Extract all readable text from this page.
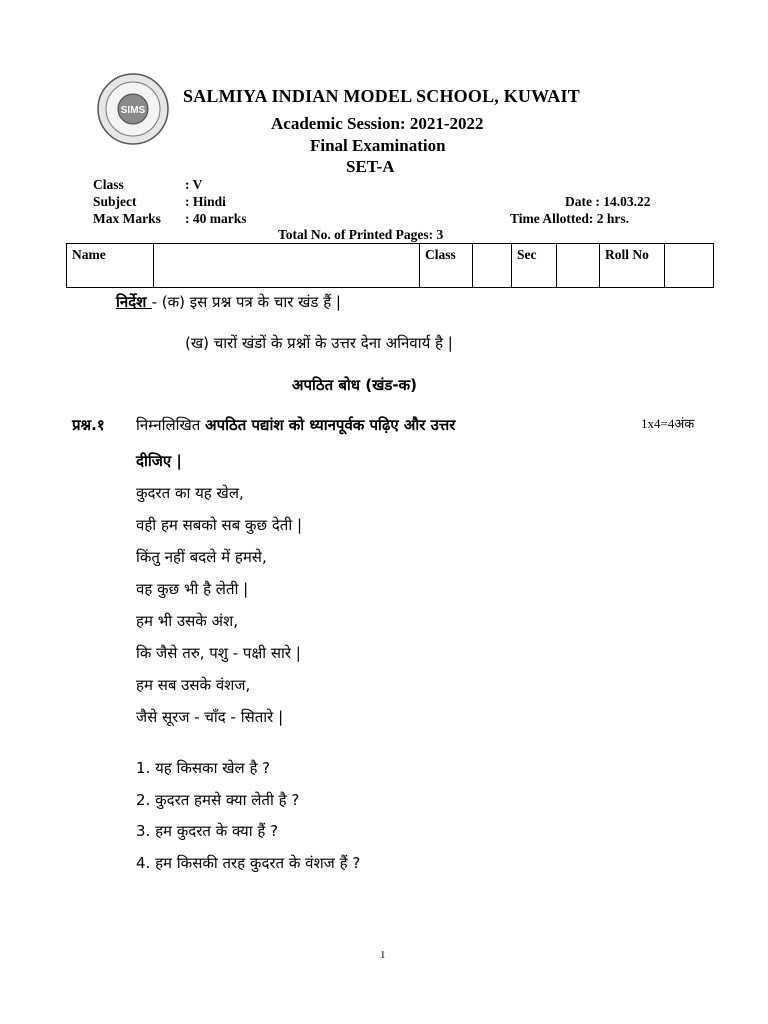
SIMS
SALMIYA INDIAN MODEL SCHOOL, KUWAIT
Academic Session: 2021-2022
Final Examination
SET-A
Class	: V
Subject	: Hindi
Max Marks : 40 marks
Date : 14.03.22
Time Allotted: 2 hrs.
Total No. of Printed Pages: 3
Name		Class		Sec		Roll No	
निर्देश - (क) इस प्रश्न पत्र के चार खंड हैं |
(ख) चारों खंडों के प्रश्नों के उत्तर देना अनिवार्य है |
अपठित बोध (खंड-क)
प्रश्न.१ निम्नलिखित अपठित पद्यांश को ध्यानपूर्वक पढ़िए और उत्तर
दीजिए |
1x4=4अंक
कुदरत का यह खेल,
वही हम सबको सब कुछ देती |
किंतु नहीं बदले में हमसे,
वह कुछ भी है लेती |
हम भी उसके अंश,
कि जैसे तरु, पशु - पक्षी सारे |
हम सब उसके वंशज,
जैसे सूरज - चाँद - सितारे |
1. यह किसका खेल है ?
2. कुदरत हमसे क्या लेती है ?
3. हम कुदरत के क्या हैं ?
4. हम किसकी तरह कुदरत के वंशज हैं ?
1
